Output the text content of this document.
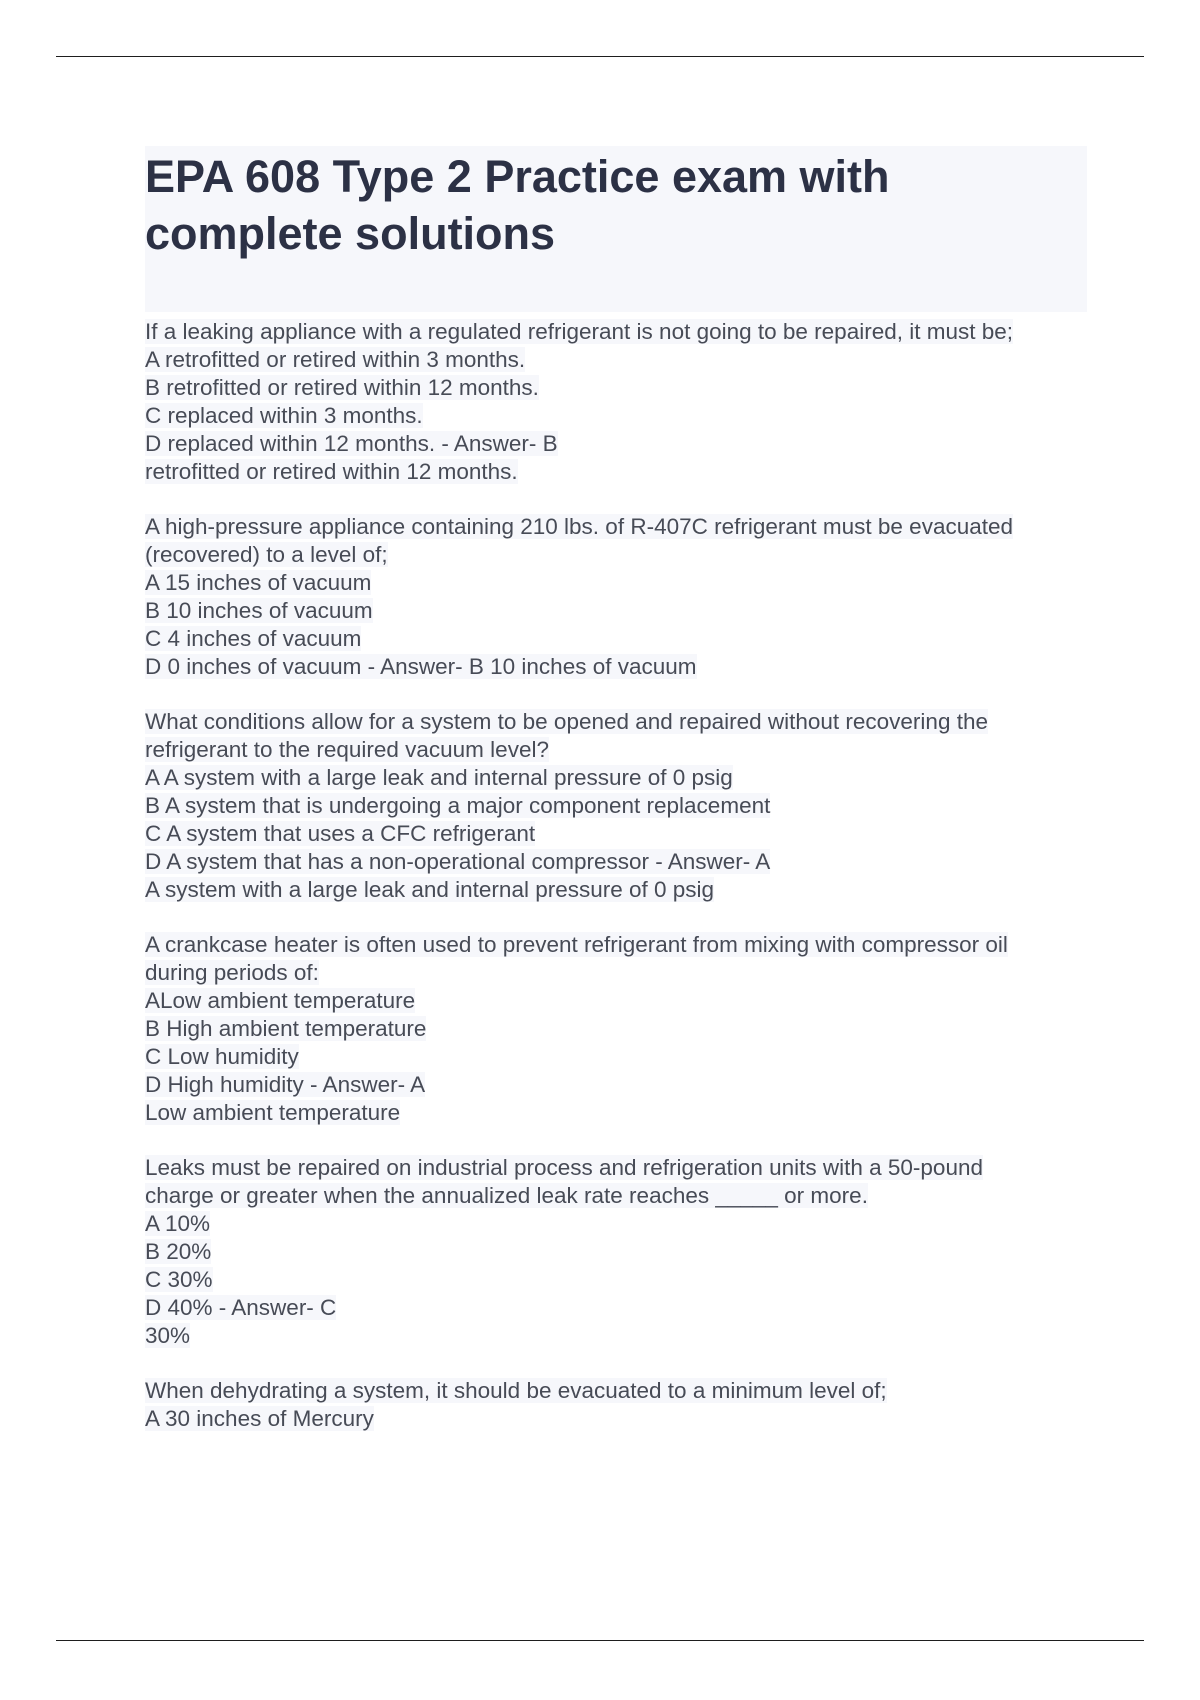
EPA 608 Type 2 Practice exam with complete solutions
If a leaking appliance with a regulated refrigerant is not going to be repaired, it must be;
A retrofitted or retired within 3 months.
B retrofitted or retired within 12 months.
C replaced within 3 months.
D replaced within 12 months. - Answer- B
retrofitted or retired within 12 months.
A high-pressure appliance containing 210 lbs. of R-407C refrigerant must be evacuated
(recovered) to a level of;
A 15 inches of vacuum
B 10 inches of vacuum
C 4 inches of vacuum
D 0 inches of vacuum - Answer- B 10 inches of vacuum
What conditions allow for a system to be opened and repaired without recovering the
refrigerant to the required vacuum level?
A A system with a large leak and internal pressure of 0 psig
B A system that is undergoing a major component replacement
C A system that uses a CFC refrigerant
D A system that has a non-operational compressor - Answer- A
A system with a large leak and internal pressure of 0 psig
A crankcase heater is often used to prevent refrigerant from mixing with compressor oil
during periods of:
ALow ambient temperature
B High ambient temperature
C Low humidity
D High humidity - Answer- A
Low ambient temperature
Leaks must be repaired on industrial process and refrigeration units with a 50-pound
charge or greater when the annualized leak rate reaches _____ or more.
A 10%
B 20%
C 30%
D 40% - Answer- C
30%
When dehydrating a system, it should be evacuated to a minimum level of;
A 30 inches of Mercury
